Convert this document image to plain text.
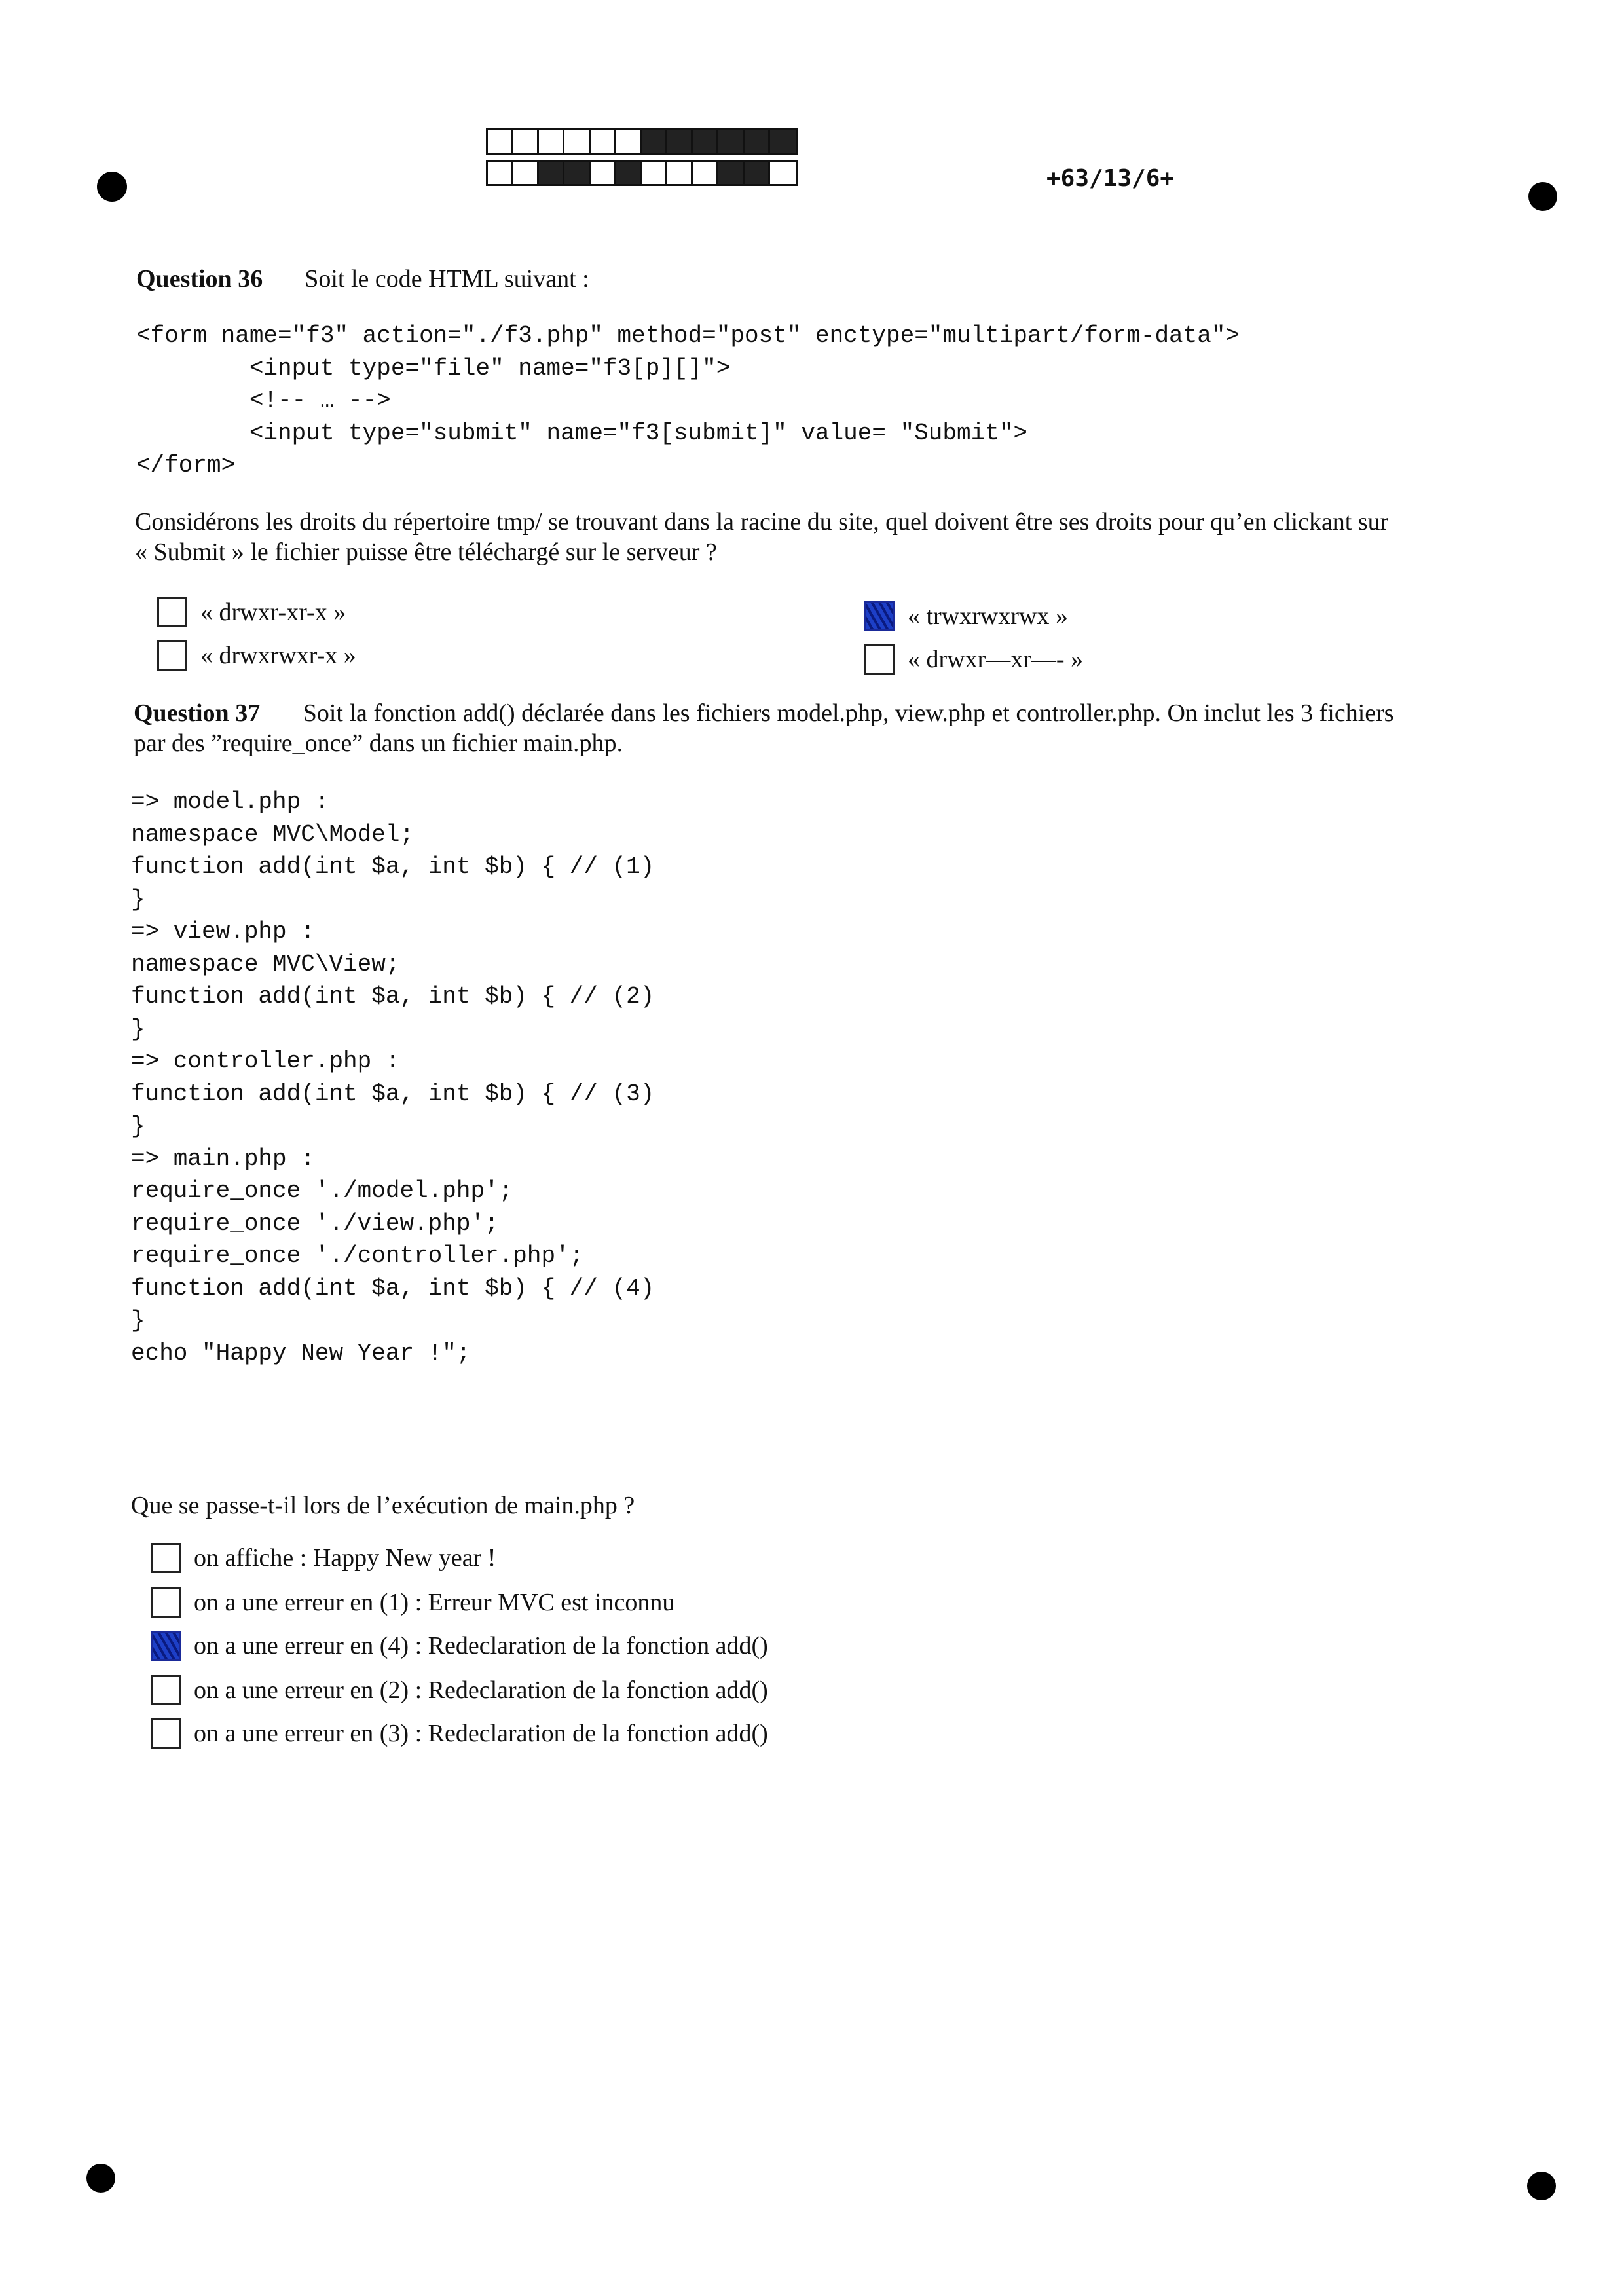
+63/13/6+
Question 36 Soit le code HTML suivant :
<form name="f3" action="./f3.php" method="post" enctype="multipart/form-data">
<input type="file" name="f3[p][]">
<!-- … -->
<input type="submit" name="f3[submit]" value= "Submit">
</form>
Considérons les droits du répertoire tmp/ se trouvant dans la racine du site, quel doivent être ses droits pour qu’en clickant sur
« Submit » le fichier puisse être téléchargé sur le serveur ?
« drwxr-xr-x »	« trwxrwxrwx »
« drwxrwxr-x »	« drwxr—xr—- »
Question 37 Soit la fonction add() déclarée dans les fichiers model.php, view.php et controller.php. On inclut les 3 fichiers
par des ”require_once” dans un fichier main.php.
=> model.php :
namespace MVC\Model;
function add(int $a, int $b) { // (1)
}
=> view.php :
namespace MVC\View;
function add(int $a, int $b) { // (2)
}
=> controller.php :
function add(int $a, int $b) { // (3)
}
=> main.php :
require_once './model.php';
require_once './view.php';
require_once './controller.php';
function add(int $a, int $b) { // (4)
}
echo "Happy New Year !";
Que se passe-t-il lors de l’exécution de main.php ?
on affiche : Happy New year !
on a une erreur en (1) : Erreur MVC est inconnu
on a une erreur en (4) : Redeclaration de la fonction add()
on a une erreur en (2) : Redeclaration de la fonction add()
on a une erreur en (3) : Redeclaration de la fonction add()
